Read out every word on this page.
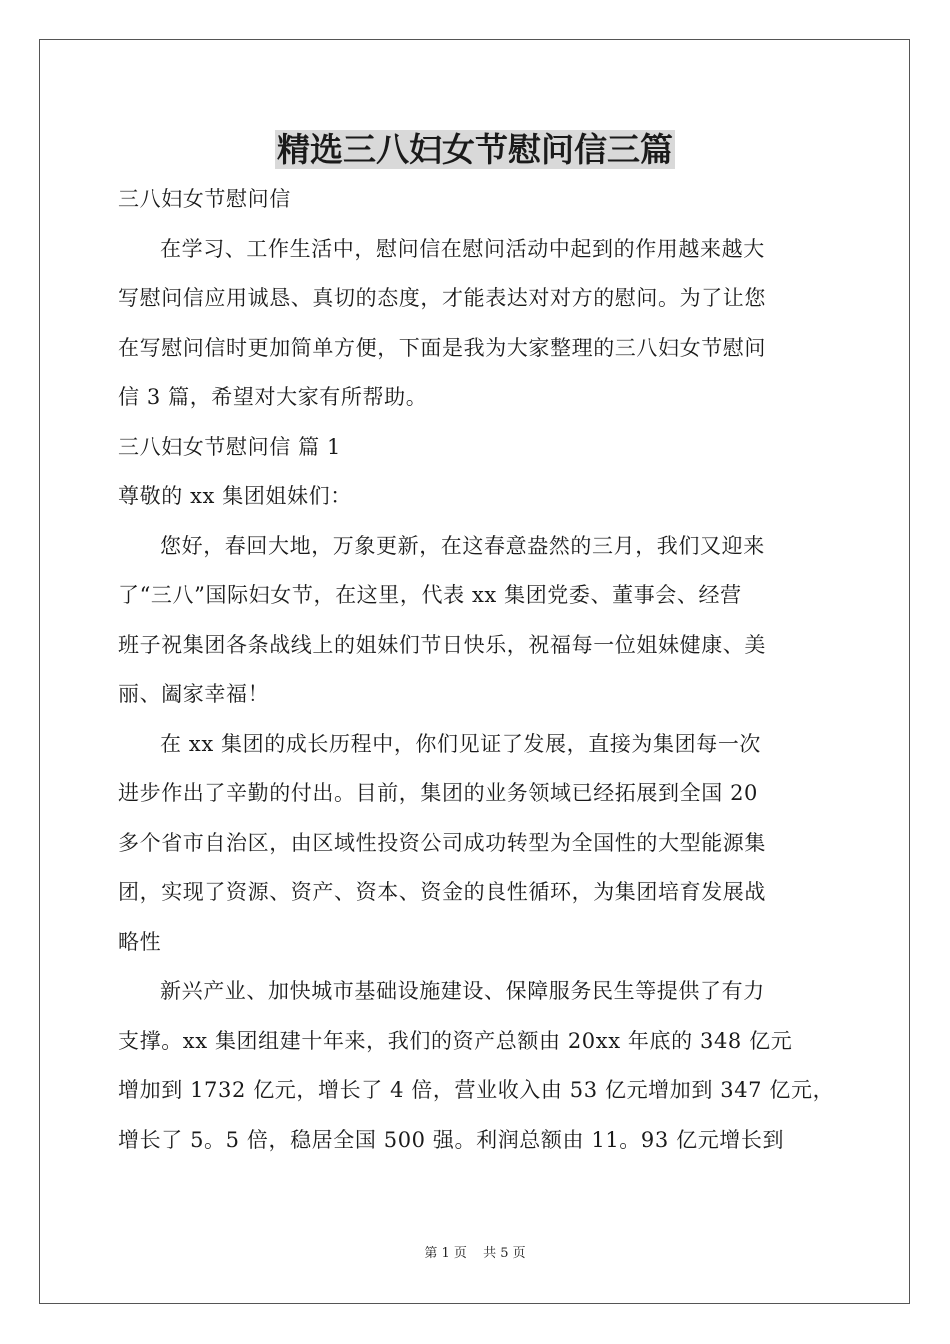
精选三八妇女节慰问信三篇
三八妇女节慰问信
在学习、工作生活中，慰问信在慰问活动中起到的作用越来越大
写慰问信应用诚恳、真切的态度，才能表达对对方的慰问。为了让您
在写慰问信时更加简单方便，下面是我为大家整理的三八妇女节慰问
信 3 篇，希望对大家有所帮助。
三八妇女节慰问信 篇 1
尊敬的 xx 集团姐妹们：
您好，春回大地，万象更新，在这春意盎然的三月，我们又迎来
了“三八”国际妇女节，在这里，代表 xx 集团党委、董事会、经营
班子祝集团各条战线上的姐妹们节日快乐，祝福每一位姐妹健康、美
丽、阖家幸福！
在 xx 集团的成长历程中，你们见证了发展，直接为集团每一次
进步作出了辛勤的付出。目前，集团的业务领域已经拓展到全国 20
多个省市自治区，由区域性投资公司成功转型为全国性的大型能源集
团，实现了资源、资产、资本、资金的良性循环，为集团培育发展战
略性
新兴产业、加快城市基础设施建设、保障服务民生等提供了有力
支撑。xx 集团组建十年来，我们的资产总额由 20xx 年底的 348 亿元
增加到 1732 亿元，增长了 4 倍，营业收入由 53 亿元增加到 347 亿元，
增长了 5。5 倍，稳居全国 500 强。利润总额由 11。93 亿元增长到
第 1 页 共 5 页
